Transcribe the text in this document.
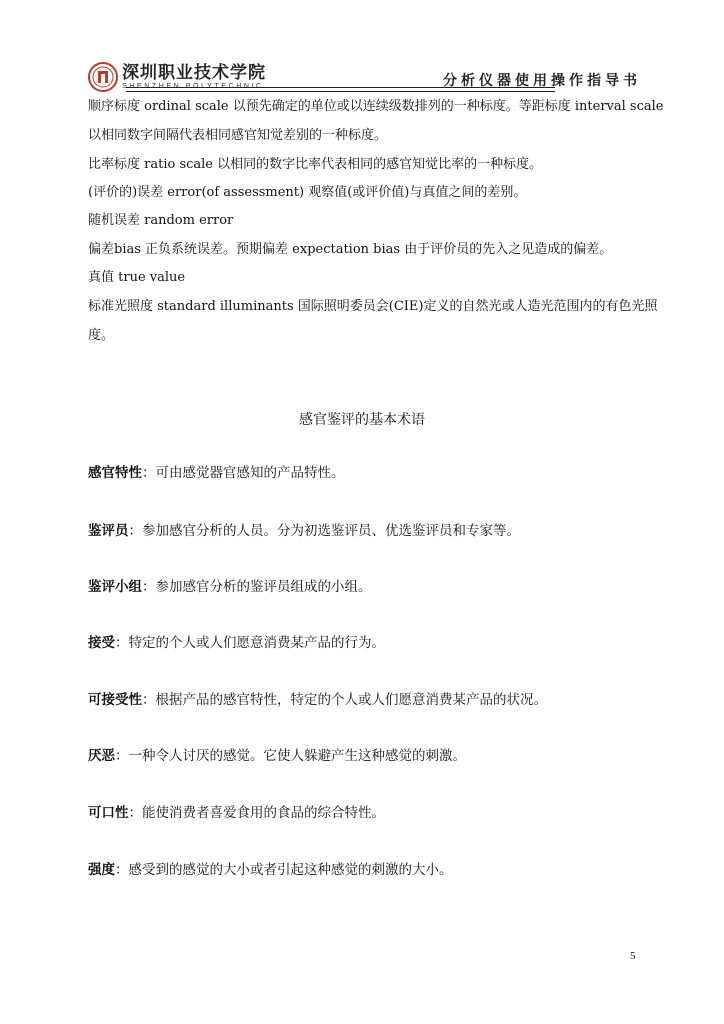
深圳职业技术学院
SHENZHEN POLYTECHNIC	分析仪器使用操作指导书
顺序标度 ordinal scale 以预先确定的单位或以连续级数排列的一种标度。等距标度 interval scale
以相同数字间隔代表相同感官知觉差别的一种标度。
比率标度 ratio scale 以相同的数字比率代表相同的感官知觉比率的一种标度。
(评价的)误差 error(of assessment) 观察值(或评价值)与真值之间的差别。
随机误差 random error
偏差bias 正负系统误差。预期偏差 expectation bias 由于评价员的先入之见造成的偏差。
真值 true value
标准光照度 standard illuminants 国际照明委员会(CIE)定义的自然光或人造光范围内的有色光照
度。
感官鉴评的基本术语
感官特性：可由感觉器官感知的产品特性。
鉴评员：参加感官分析的人员。分为初选鉴评员、优选鉴评员和专家等。
鉴评小组：参加感官分析的鉴评员组成的小组。
接受：特定的个人或人们愿意消费某产品的行为。
可接受性：根据产品的感官特性，特定的个人或人们愿意消费某产品的状况。
厌恶：一种令人讨厌的感觉。它使人躲避产生这种感觉的刺激。
可口性：能使消费者喜爱食用的食品的综合特性。
强度：感受到的感觉的大小或者引起这种感觉的刺激的大小。
5
